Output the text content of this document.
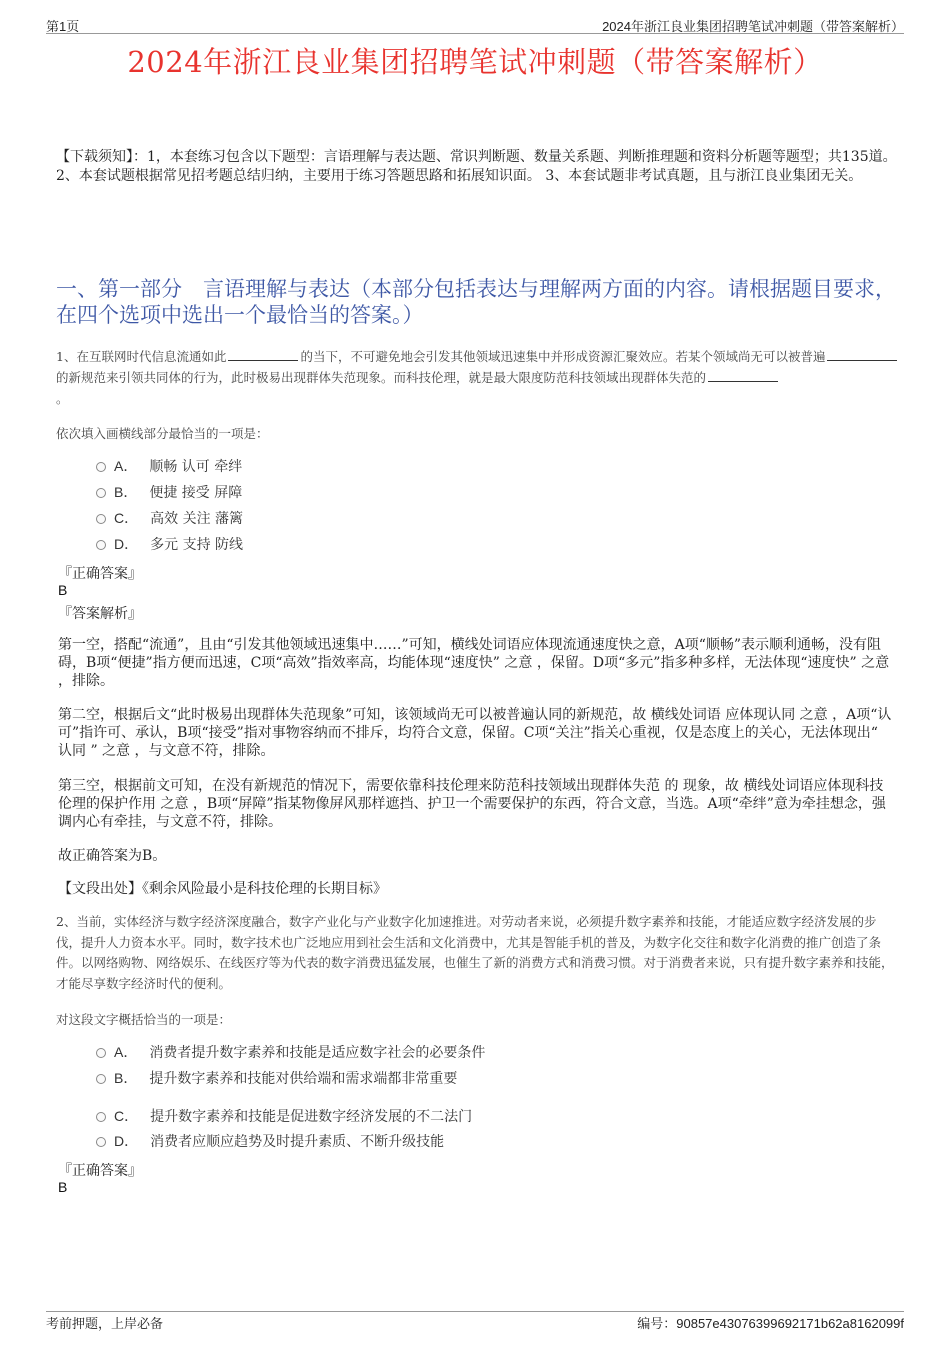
第1页	2024年浙江良业集团招聘笔试冲刺题（带答案解析）
2024年浙江良业集团招聘笔试冲刺题（带答案解析）
【下载须知】：1，本套练习包含以下题型：言语理解与表达题、常识判断题、数量关系题、判断推理题和资料分析题等题型；共135道。 2、本套试题根据常见招考题总结归纳，主要用于练习答题思路和拓展知识面。 3、本套试题非考试真题，且与浙江良业集团无关。
一、第一部分　言语理解与表达（本部分包括表达与理解两方面的内容。请根据题目要求，在四个选项中选出一个最恰当的答案。）
1、在互联网时代信息流通如此	的当下，不可避免地会引发其他领域迅速集中并形成资源汇聚效应。若某个领域尚无可以被普遍的新规范来引领共同体的行为，此时极易出现群体失范现象。而科技伦理，就是最大限度防范科技领域出现群体失范的
。
依次填入画横线部分最恰当的一项是：
A． 顺畅 认可 牵绊
B． 便捷 接受 屏障
C． 高效 关注 藩篱
D． 多元 支持 防线
『正确答案』
B
『答案解析』
第一空，搭配“流通”，且由“引发其他领域迅速集中……”可知，横线处词语应体现流通速度快之意，A项“顺畅”表示顺利通畅，没有阻碍，B项“便捷”指方便而迅速，C项“高效”指效率高，均能体现“速度快” 之意 ，保留。D项“多元”指多种多样，无法体现“速度快” 之意 ，排除。
第二空，根据后文“此时极易出现群体失范现象”可知，该领域尚无可以被普遍认同的新规范，故 横线处词语 应体现认同 之意 ，A项“认可”指许可、承认，B项“接受”指对事物容纳而不排斥，均符合文意，保留。C项“关注”指关心重视，仅是态度上的关心，无法体现出“ 认同 ” 之意 ，与文意不符，排除。
第三空，根据前文可知，在没有新规范的情况下，需要依靠科技伦理来防范科技领域出现群体失范 的 现象，故 横线处词语应体现科技伦理的保护作用 之意 ，B项“屏障”指某物像屏风那样遮挡、护卫一个需要保护的东西，符合文意，当选。A项“牵绊”意为牵挂想念，强调内心有牵挂，与文意不符，排除。
故正确答案为B。
【文段出处】《剩余风险最小是科技伦理的长期目标》
2、当前，实体经济与数字经济深度融合，数字产业化与产业数字化加速推进。对劳动者来说，必须提升数字素养和技能，才能适应数字经济发展的步伐，提升人力资本水平。同时，数字技术也广泛地应用到社会生活和文化消费中，尤其是智能手机的普及，为数字化交往和数字化消费的推广创造了条件。以网络购物、网络娱乐、在线医疗等为代表的数字消费迅猛发展，也催生了新的消费方式和消费习惯。对于消费者来说，只有提升数字素养和技能，才能尽享数字经济时代的便利。
对这段文字概括恰当的一项是：
A． 消费者提升数字素养和技能是适应数字社会的必要条件
B． 提升数字素养和技能对供给端和需求端都非常重要
C． 提升数字素养和技能是促进数字经济发展的不二法门
D． 消费者应顺应趋势及时提升素质、不断升级技能
『正确答案』
B
考前押题，上岸必备	编号：90857e43076399692171b62a8162099f
